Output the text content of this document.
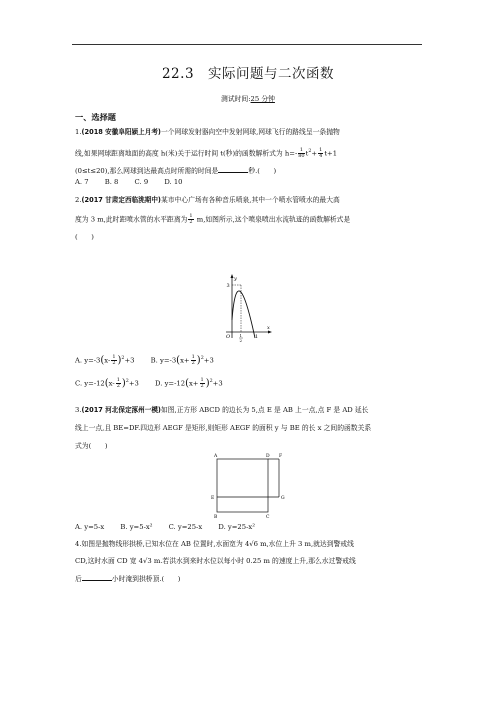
22.3　实际问题与二次函数
测试时间:25 分钟
一、选择题
1.(2018 安徽阜阳颍上月考)一个网球发射器向空中发射网球,网球飞行的路线呈一条抛物
线,如果网球距离地面的高度 h(米)关于运行时间 t(秒)的函数解析式为 $h=- \frac{1}{80} t^2+ \frac{1}{4} t+1$
(0≤t≤20),那么网球到达最高点时所需的时间是	秒.(　　)
A. 7 B. 8 C. 9 D. 10
2.(2017 甘肃定西临洮期中)某市中心广场有各种音乐喷泉,其中一个喷水管喷水的最大高
度为 3 m,此时距喷水管的水平距离为 $\frac{1}{2} m$,如图所示,这个喷泉喷出水流轨迹的函数解析式是
(　　)
y
x
O
3
1
2
1
A. $y=-3(x- \frac{1}{2} )^2+3$ B. $y=-3(x+ \frac{1}{2} )^2+3$
C. $y=-12(x- \frac{1}{2} )^2+3$ D. $y=-12(x+ \frac{1}{2} )^2+3$
3.(2017 河北保定涿州一模)如图,正方形 ABCD 的边长为 5,点 E 是 AB 上一点,点 F 是 AD 延长
线上一点,且 BE=DF.四边形 AEGF 是矩形,则矩形 AEGF 的面积 y 与 BE 的长 x 之间的函数关系
式为(　　)
A	D F
E	G
B	C
A. y=5-x B. y=5-x² C. y=25-x D. y=25-x²
4.如图是抛物线形拱桥,已知水位在 AB 位置时,水面宽为 4√6 m,水位上升 3 m,就达到警戒线
CD,这时水面 CD 宽 4√3 m.若洪水到来时水位以每小时 0.25 m 的速度上升,那么水过警戒线
后	小时淹到拱桥顶.(　　)
